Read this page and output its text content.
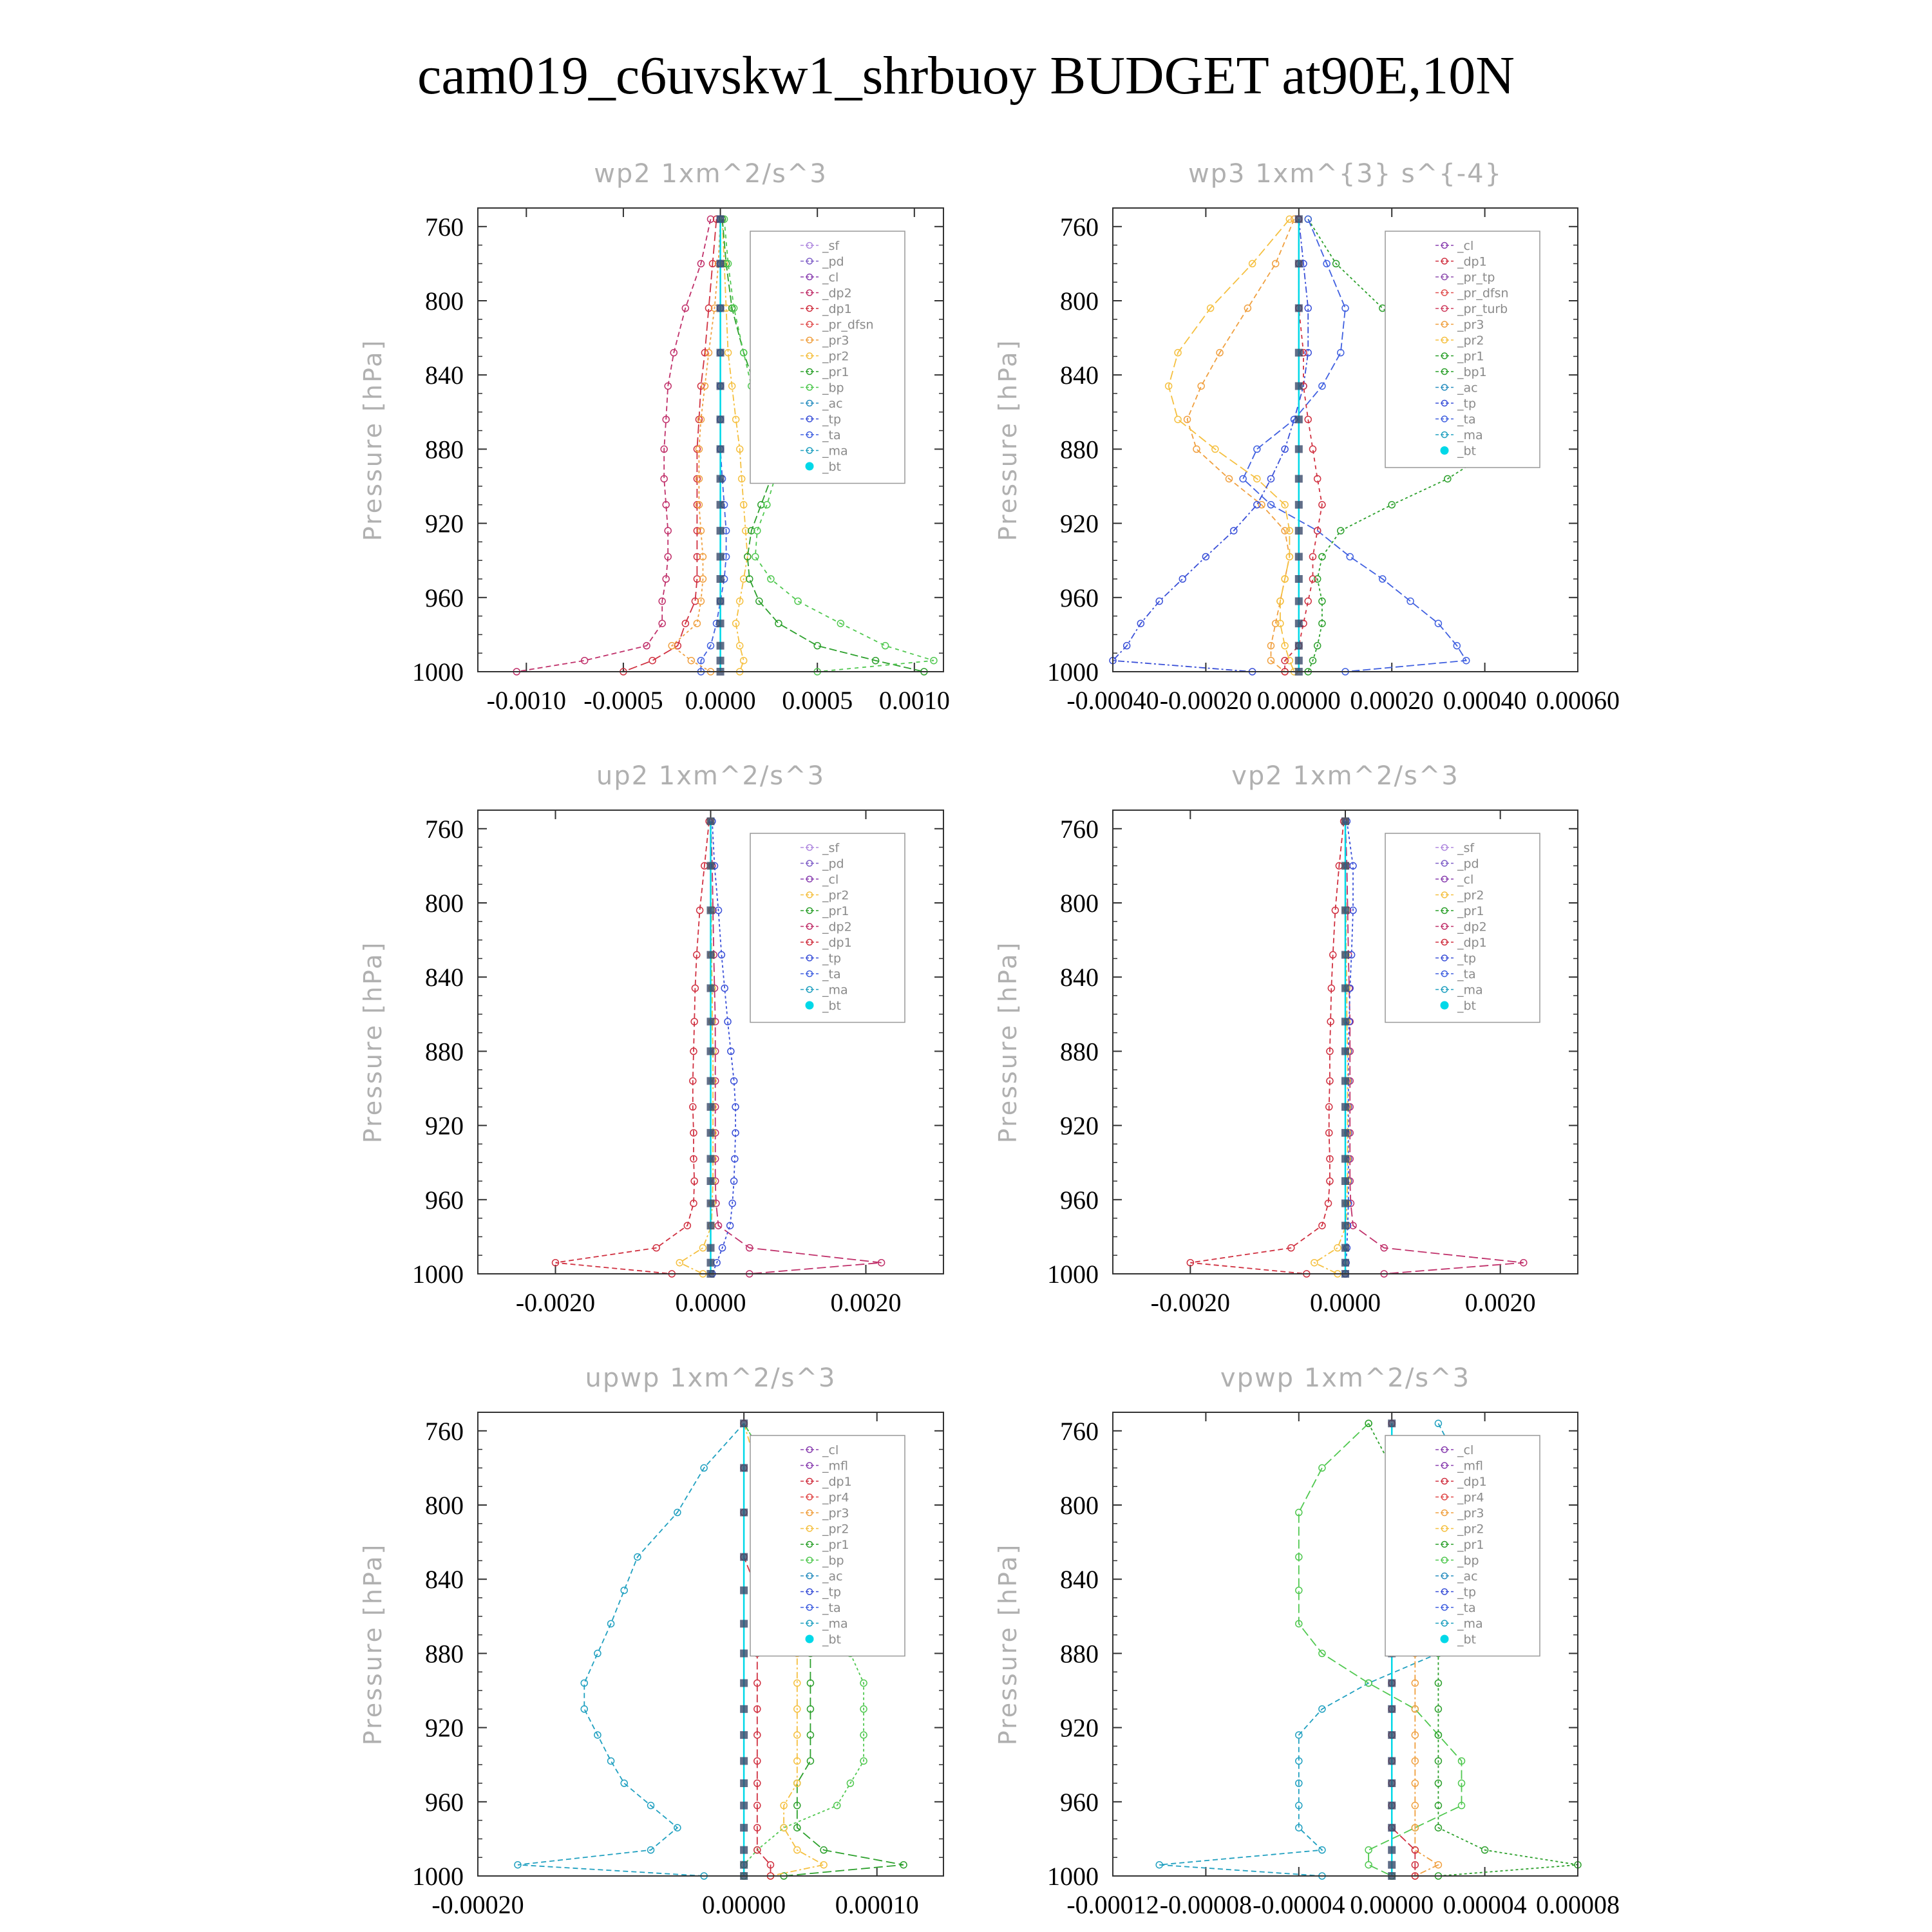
cam019_c6uvskw1_shrbuoy BUDGET at90E,10N
wp2 1xm^2/s^3
Pressure [hPa]
760
800
840
880
920
960
1000
-0.0010 -0.0005 0.0000 0.0005 0.0010
_sf
_pd
_cl
_dp2
_dp1
_pr_dfsn
_pr3
_pr2
_pr1
_bp
_ac
_tp
_ta
_ma
_bt
wp3 1xm^{3} s^{-4}
Pressure [hPa]
760
800
840
880
920
960
1000
-0.00040 -0.00020 0.00000 0.00020 0.00040 0.00060
_cl
_dp1
_pr_tp
_pr_dfsn
_pr_turb
_pr3
_pr2
_pr1
_bp1
_ac
_tp
_ta
_ma
_bt
up2 1xm^2/s^3
Pressure [hPa]
760
800
840
880
920
960
1000
-0.0020	0.0000	0.0020
_sf
_pd
_cl
_pr2
_pr1
_dp2
_dp1
_tp
_ta
_ma
_bt
vp2 1xm^2/s^3
Pressure [hPa]
760
800
840
880
920
960
1000
-0.0020	0.0000	0.0020
_sf
_pd
_cl
_pr2
_pr1
_dp2
_dp1
_tp
_ta
_ma
_bt
upwp 1xm^2/s^3
Pressure [hPa]
760
800
840
880
920
960
1000
-0.00020	0.00000 0.00010
_cl
_mfl
_dp1
_pr4
_pr3
_pr2
_pr1
_bp
_ac
_tp
_ta
_ma
_bt
vpwp 1xm^2/s^3
Pressure [hPa]
760
800
840
880
920
960
1000
-0.00012 -0.00008 -0.00004 0.00000 0.00004 0.00008
_cl
_mfl
_dp1
_pr4
_pr3
_pr2
_pr1
_bp
_ac
_tp
_ta
_ma
_bt
